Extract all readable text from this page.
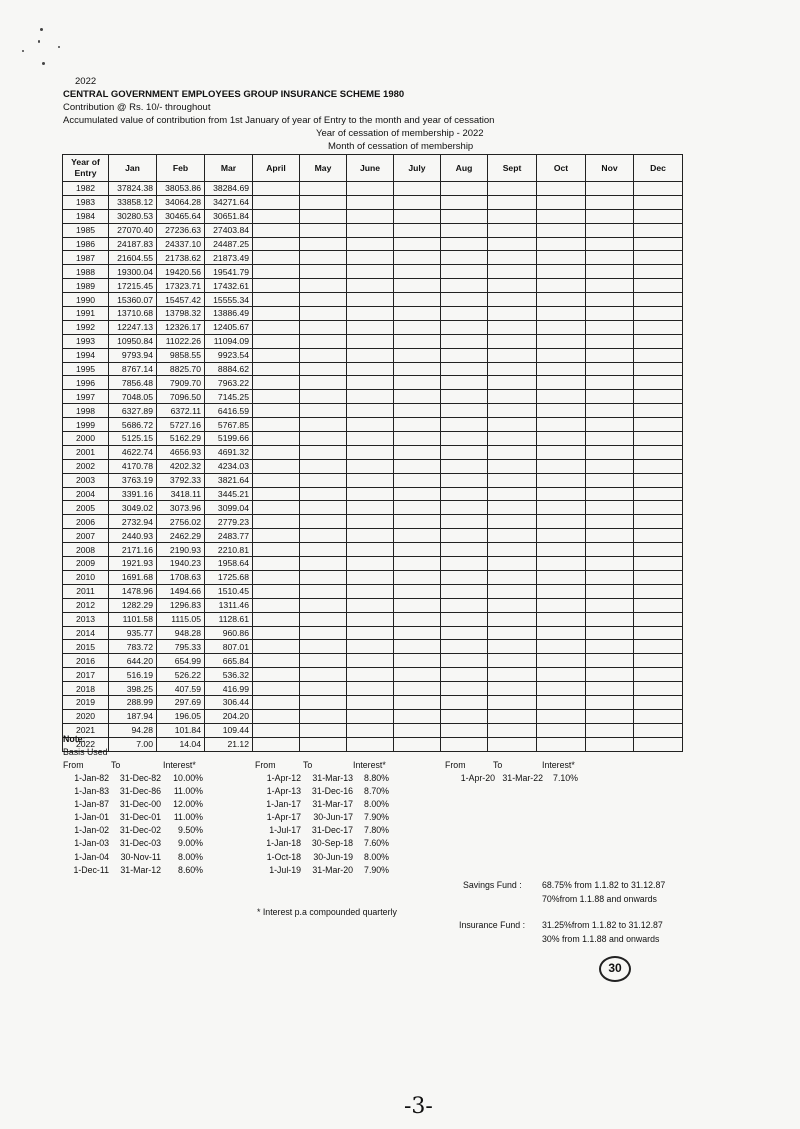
2022
CENTRAL GOVERNMENT EMPLOYEES GROUP INSURANCE SCHEME 1980
Contribution @ Rs. 10/- throughout
Accumulated value of contribution from 1st January of year of Entry to the month and year of cessation
Year of cessation of membership - 2022
Month of cessation of membership
Year of Entry	Jan	Feb	Mar	April	May	June	July	Aug	Sept	Oct	Nov	Dec
1982	37824.38	38053.86	38284.69									
1983	33858.12	34064.28	34271.64									
1984	30280.53	30465.64	30651.84									
1985	27070.40	27236.63	27403.84									
1986	24187.83	24337.10	24487.25									
1987	21604.55	21738.62	21873.49									
1988	19300.04	19420.56	19541.79									
1989	17215.45	17323.71	17432.61									
1990	15360.07	15457.42	15555.34									
1991	13710.68	13798.32	13886.49									
1992	12247.13	12326.17	12405.67									
1993	10950.84	11022.26	11094.09									
1994	9793.94	9858.55	9923.54									
1995	8767.14	8825.70	8884.62									
1996	7856.48	7909.70	7963.22									
1997	7048.05	7096.50	7145.25									
1998	6327.89	6372.11	6416.59									
1999	5686.72	5727.16	5767.85									
2000	5125.15	5162.29	5199.66									
2001	4622.74	4656.93	4691.32									
2002	4170.78	4202.32	4234.03									
2003	3763.19	3792.33	3821.64									
2004	3391.16	3418.11	3445.21									
2005	3049.02	3073.96	3099.04									
2006	2732.94	2756.02	2779.23									
2007	2440.93	2462.29	2483.77									
2008	2171.16	2190.93	2210.81									
2009	1921.93	1940.23	1958.64									
2010	1691.68	1708.63	1725.68									
2011	1478.96	1494.66	1510.45									
2012	1282.29	1296.83	1311.46									
2013	1101.58	1115.05	1128.61									
2014	935.77	948.28	960.86									
2015	783.72	795.33	807.01									
2016	644.20	654.99	665.84									
2017	516.19	526.22	536.32									
2018	398.25	407.59	416.99									
2019	288.99	297.69	306.44									
2020	187.94	196.05	204.20									
2021	94.28	101.84	109.44									
2022	7.00	14.04	21.12									
Note:
Basis Used
From	To	Interest*
1-Jan-82 31-Dec-82 10.00%
1-Jan-83 31-Dec-86 11.00%
1-Jan-87 31-Dec-00 12.00%
1-Jan-01 31-Dec-01 11.00%
1-Jan-02 31-Dec-02 9.50%
1-Jan-03 31-Dec-03 9.00%
1-Jan-04 30-Nov-11 8.00%
1-Dec-11 31-Mar-12 8.60%
From	To	Interest*
1-Apr-12 31-Mar-13 8.80%
1-Apr-13 31-Dec-16 8.70%
1-Jan-17 31-Mar-17 8.00%
1-Apr-17 30-Jun-17 7.90%
1-Jul-17 31-Dec-17 7.80%
1-Jan-18 30-Sep-18 7.60%
1-Oct-18 30-Jun-19 8.00%
1-Jul-19 31-Mar-20 7.90%
From	To	Interest*
1-Apr-20 31-Mar-22 7.10%
Savings Fund : 68.75% from 1.1.82 to 31.12.87
70%from 1.1.88 and onwards
* Interest p.a compounded quarterly
Insurance Fund : 31.25%from 1.1.82 to 31.12.87
30% from 1.1.88 and onwards
30
-3-
